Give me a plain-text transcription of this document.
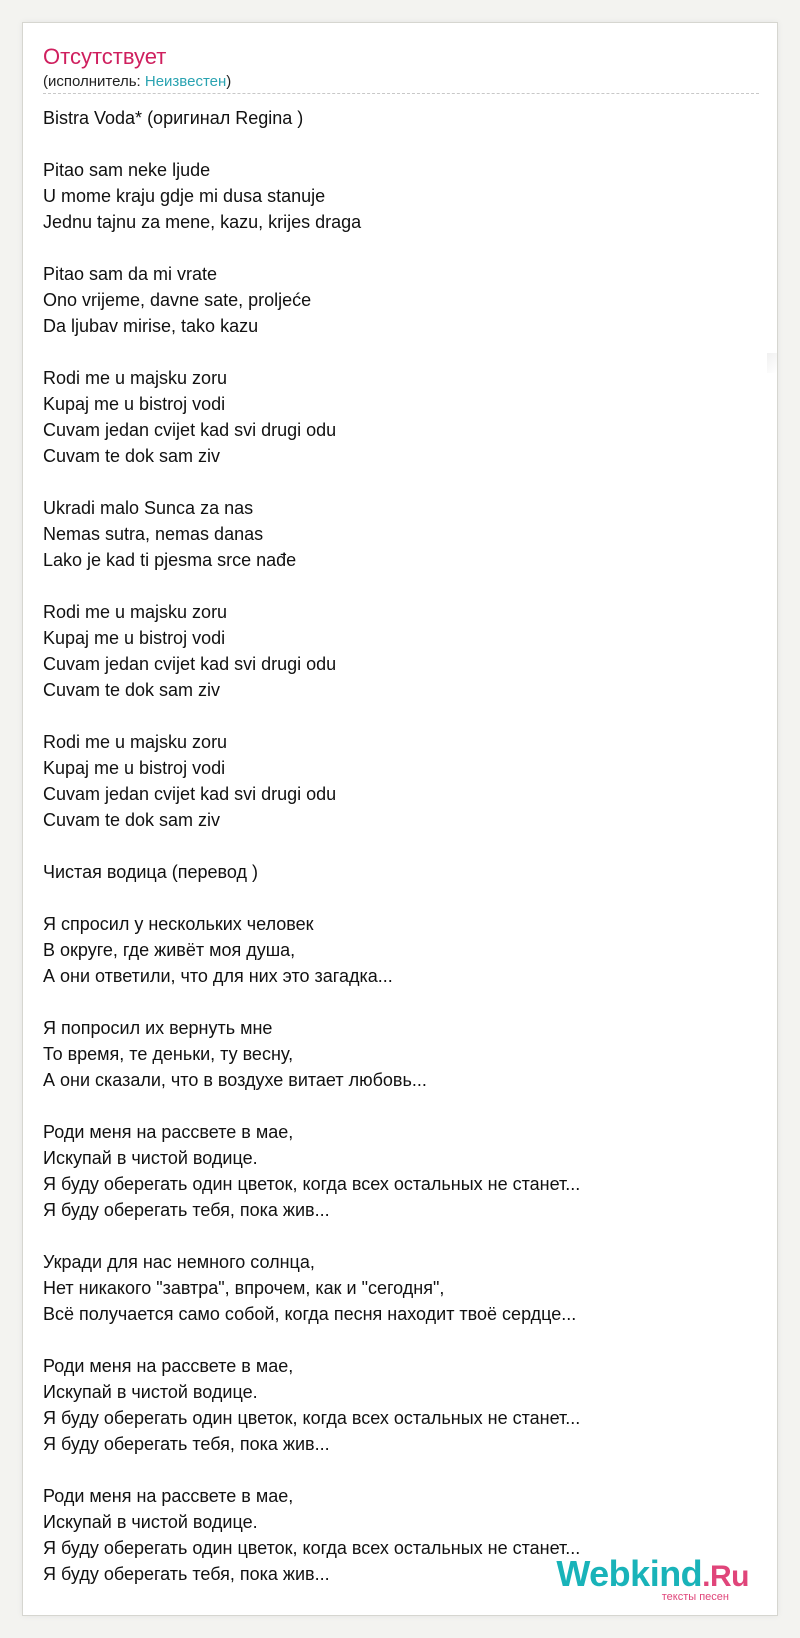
Отсутствует
(исполнитель: Неизвестен)
Bistra Voda* (оригинал Regina )
Pitao sam neke ljude
U mome kraju gdje mi dusa stanuje
Jednu tajnu za mene, kazu, krijes draga
Pitao sam da mi vrate
Ono vrijeme, davne sate, proljeće
Da ljubav mirise, tako kazu
Rodi me u majsku zoru
Kupaj me u bistroj vodi
Cuvam jedan cvijet kad svi drugi odu
Cuvam te dok sam ziv
Ukradi malo Sunca za nas
Nemas sutra, nemas danas
Lako je kad ti pjesma srce nađe
Rodi me u majsku zoru
Kupaj me u bistroj vodi
Cuvam jedan cvijet kad svi drugi odu
Cuvam te dok sam ziv
Rodi me u majsku zoru
Kupaj me u bistroj vodi
Cuvam jedan cvijet kad svi drugi odu
Cuvam te dok sam ziv
Чистая водица (перевод )
Я спросил у нескольких человек
В округе, где живёт моя душа,
А они ответили, что для них это загадка...
Я попросил их вернуть мне
То время, те деньки, ту весну,
А они сказали, что в воздухе витает любовь...
Роди меня на рассвете в мае,
Искупай в чистой водице.
Я буду оберегать один цветок, когда всех остальных не станет...
Я буду оберегать тебя, пока жив...
Укради для нас немного солнца,
Нет никакого "завтра", впрочем, как и "сегодня",
Всё получается само собой, когда песня находит твоё сердце...
Роди меня на рассвете в мае,
Искупай в чистой водице.
Я буду оберегать один цветок, когда всех остальных не станет...
Я буду оберегать тебя, пока жив...
Роди меня на рассвете в мае,
Искупай в чистой водице.
Я буду оберегать один цветок, когда всех остальных не станет...
Я буду оберегать тебя, пока жив...	Webkind.Ru
тексты песен
